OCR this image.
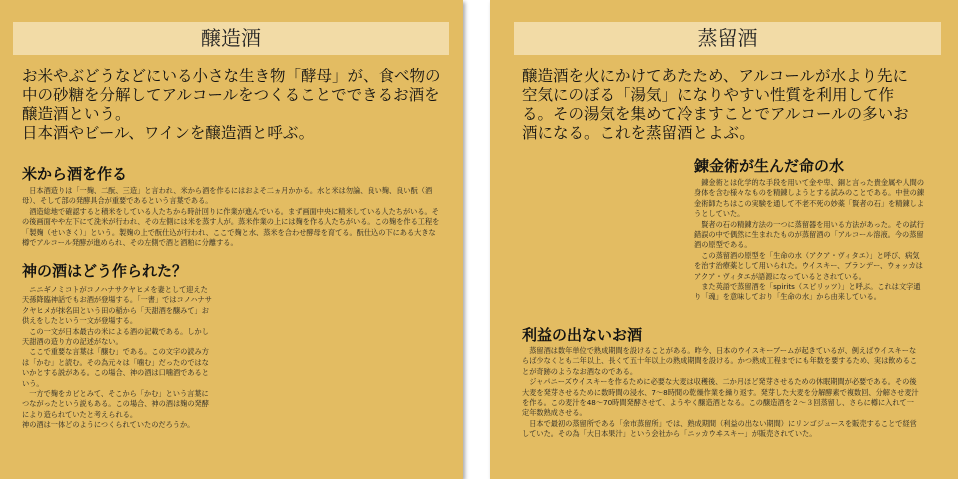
醸造酒
お米やぶどうなどにいる小さな生き物「酵母」が、食べ物の中の砂糖を分解してアルコールをつくることでできるお酒を醸造酒という。
日本酒やビール、ワインを醸造酒と呼ぶ。
米から酒を作る
　日本酒造りは「一麹、二酛、三造」と言われ、米から酒を作るにはおよそ二ヵ月かかる。水と米は勿論、良い麹、良い酛（酒母）、そして部の発酵具合が重要であるという言葉である。
　酒造総地で確認すると積米をしている人たちから時計回りに作業が進んでいる。まず画面中央に精米している人たちがいる。その後画面やや左下にて洗米が行われ、その左側には米を蒸す人が。蒸米作業の上には麹を作る人たちがいる。この麹を作る工程を「製麹（せいきく）」という。製麹の上で酛仕込が行われ、ここで麹と水、蒸米を合わせ酵母を育てる。酛仕込の下にある大きな樽でアルコール発酵が進められ、その左側で酒と酒粕に分離する。
神の酒はどう作られた？
　ニニギノミコトがコノハナサクヤヒメを妻として迎えた天孫降臨神話でもお酒が登場する。「一書」ではコノハナサクヤヒメが抹名田という田の稲から「天甜酒を醸みて」お供えをしたという一文が登場する。
　この一文が日本最古の米による酒の記載である。しかし天甜酒の造り方の記述がない。
　ここで重要な言葉は「醸む」である。この文字の読み方は「かむ」と読む。その為元々は「噛む」だったのではないかとする説がある。この場合、神の酒は口噛酒であるという。
　一方で麹をカビとみて、そこから「かむ」という言葉につながったという説もある。この場合、神の酒は麹の発酵により造られていたと考えられる。
神の酒は一体どのようにつくられていたのだろうか。
蒸留酒
醸造酒を火にかけてあたため、アルコールが水より先に空気にのぼる「湯気」になりやすい性質を利用して作る。その湯気を集めて冷ますことでアルコールの多いお酒になる。これを蒸留酒とよぶ。
錬金術が生んだ命の水
　錬金術とは化学的な手段を用いて金や卑、銅と言った貴金属や人間の身体を含む様々なものを精錬しようとする試みのことである。中世の錬金術師たちはこの実験を通して不老不死の妙薬「賢者の石」を精錬しようとしていた。
　賢者の石の精錬方法の一つに蒸留器を用いる方法があった。その試行錯誤の中で偶然に生まれたものが蒸留酒の「アルコール溶液。今の蒸留酒の原型である。
　この蒸留酒の原型を「生命の水（アクア・ヴィタエ）」と呼び、病気を治す治療薬として用いられた。ウイスキー、ブランデー、ウォッカはアクア・ヴィタエが語源になっているとされている。
　また英語で蒸留酒を「spirits（スピリッツ）」と呼ぶ。これは文字通り「魂」を意味しており「生命の水」から由来している。
利益の出ないお酒
　蒸留酒は数年単位で熟成期間を設けることがある。昨今、日本のウイスキーブームが起きているが、例えばウイスキーならば少なくとも二年以上、長くて五十年以上の熟成期間を設ける。かつ熟成工程までにも年数を要するため、実は飲めることが奇跡のようなお酒なのである。
　ジャパニーズウイスキーを作るために必要な大麦は収穫後、二か月ほど発芽させるための休眠期間が必要である。その後大麦を発芽させるために数時間の浸水、7～8時間の乾燥作業を繰り返す。発芽した大麦を分解酵素で複数回、分解させ麦汁を作る。この麦汁を48～70時間発酵させて、ようやく醸造酒となる。この醸造酒を２～３回蒸留し、さらに樽に入れて一定年数熟成させる。
　日本で最初の蒸留所である「余市蒸留所」では、熟成期間（利益の出ない期間）にリンゴジュースを販売することで経営していた。その為「大日本果汁」という会社から「ニッカウヰスキー」が販売されていた。
